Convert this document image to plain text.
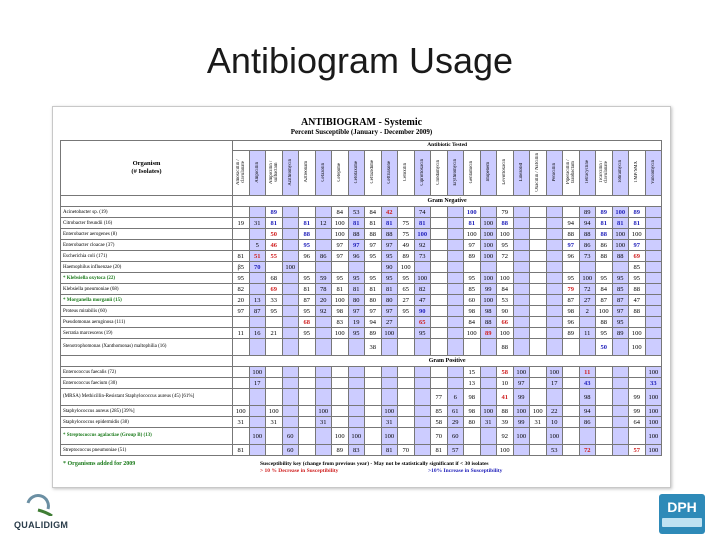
Antibiogram Usage
ANTIBIOGRAM - Systemic
Percent Susceptible (January - December 2009)
Organism
(# Isolates)	Antibiotic Tested																									
	Amoxicillin / clavulanate	Ampicillin	Ampicillin / sulbactam	Azithromycin	Aztreonam	Cefazolin	Cefepime	Cefotaxime	Ceftazidime	Ceftriaxone	Cefoxitin	Ciprofloxacin	Clindamycin	Erythromycin	Gentamicin	Imipenem	Levofloxacin	Linezolid	Oxacillin / Nafcillin	Penicillin	Piperacillin / tazobactam	Tetracycline	Ticarcillin / clavulanate	Tobramycin	TMP/SMX	Vancomycin
	Gram Negative																									
Acinetobacter sp. (19)			89				84	53	84	42		74			100		79					89	89	100	89	
Citrobacter freundii (16)	19	31	81		81	12	100	81	81	81	75	81			81	100	88				94	94	81	81	81	
Enterobacter aerogenes (8)			50		88		100	88	88	88	75	100			100	100	100				88	88	88	100	100	
Enterobacter cloacae (37)		5	46		95		97	97	97	97	49	92			97	100	95				97	86	86	100	97	
Escherichia coli (171)	81	51	55		96	86	97	96	95	95	89	73			89	100	72				96	73	88	88	69	
Haemophilus influenzae (20)	β5	70		100						90	100														85	
* Klebsiella oxytoca (22)	95		68		95	59	95	95	95	95	95	100			95	100	100				95	100	95	95	95	
Klebsiella pneumoniae (68)	82		69		81	78	81	81	81	81	65	82			85	99	84				79	72	84	85	88	
* Morganella morganii (15)	20	13	33		87	20	100	80	80	80	27	47			60	100	53				87	27	87	87	47	
Proteus mirabilis (60)	97	87	95		95	92	98	97	97	97	95	90			98	98	90				98	2	100	97	88	
Pseudomonas aeruginosa (111)					68		83	19	94	27		65			84	88	66				96		88	95		
Serratia marcescens (19)	11	16	21		95		100	95	89	100		95			100	89	100				89	11	95	89	100	
Stenotrophomonas (Xanthomonas) maltophilia (16)									38								88						50		100	
	Gram Positive																									
Enterococcus faecalis (72)		100													15		58	100		100		11				100
Enterococcus faecium (30)		17													13		10	97		17		43				33
(MRSA) Methicillin-Resistant Staphylococcus aureus (45) [61%]													77	6	98		41	99				98			99	100
Staphylococcus aureus (285) [39%]	100		100			100				100			85	61	98	100	88	100	100	22		94			99	100
Staphylococcus epidermidis (38)	31		31			31				31			58	29	80	31	39	99	31	10		86			64	100
* Streptococcus agalactiae (Group B) (13)		100		60			100	100		100			70	60			92	100		100						100
Streptococcus pneumoniae (51)	81			60			89	83		81	70		81	57			100			53		72			57	100
* Organisms added for 2009	Susceptibility key (change from previous year) - May not be statistically significant if < 30 isolates
> 10 % Decrease in Susceptibility	>10% Increase in Susceptibility
QUALIDIGM
DPH
